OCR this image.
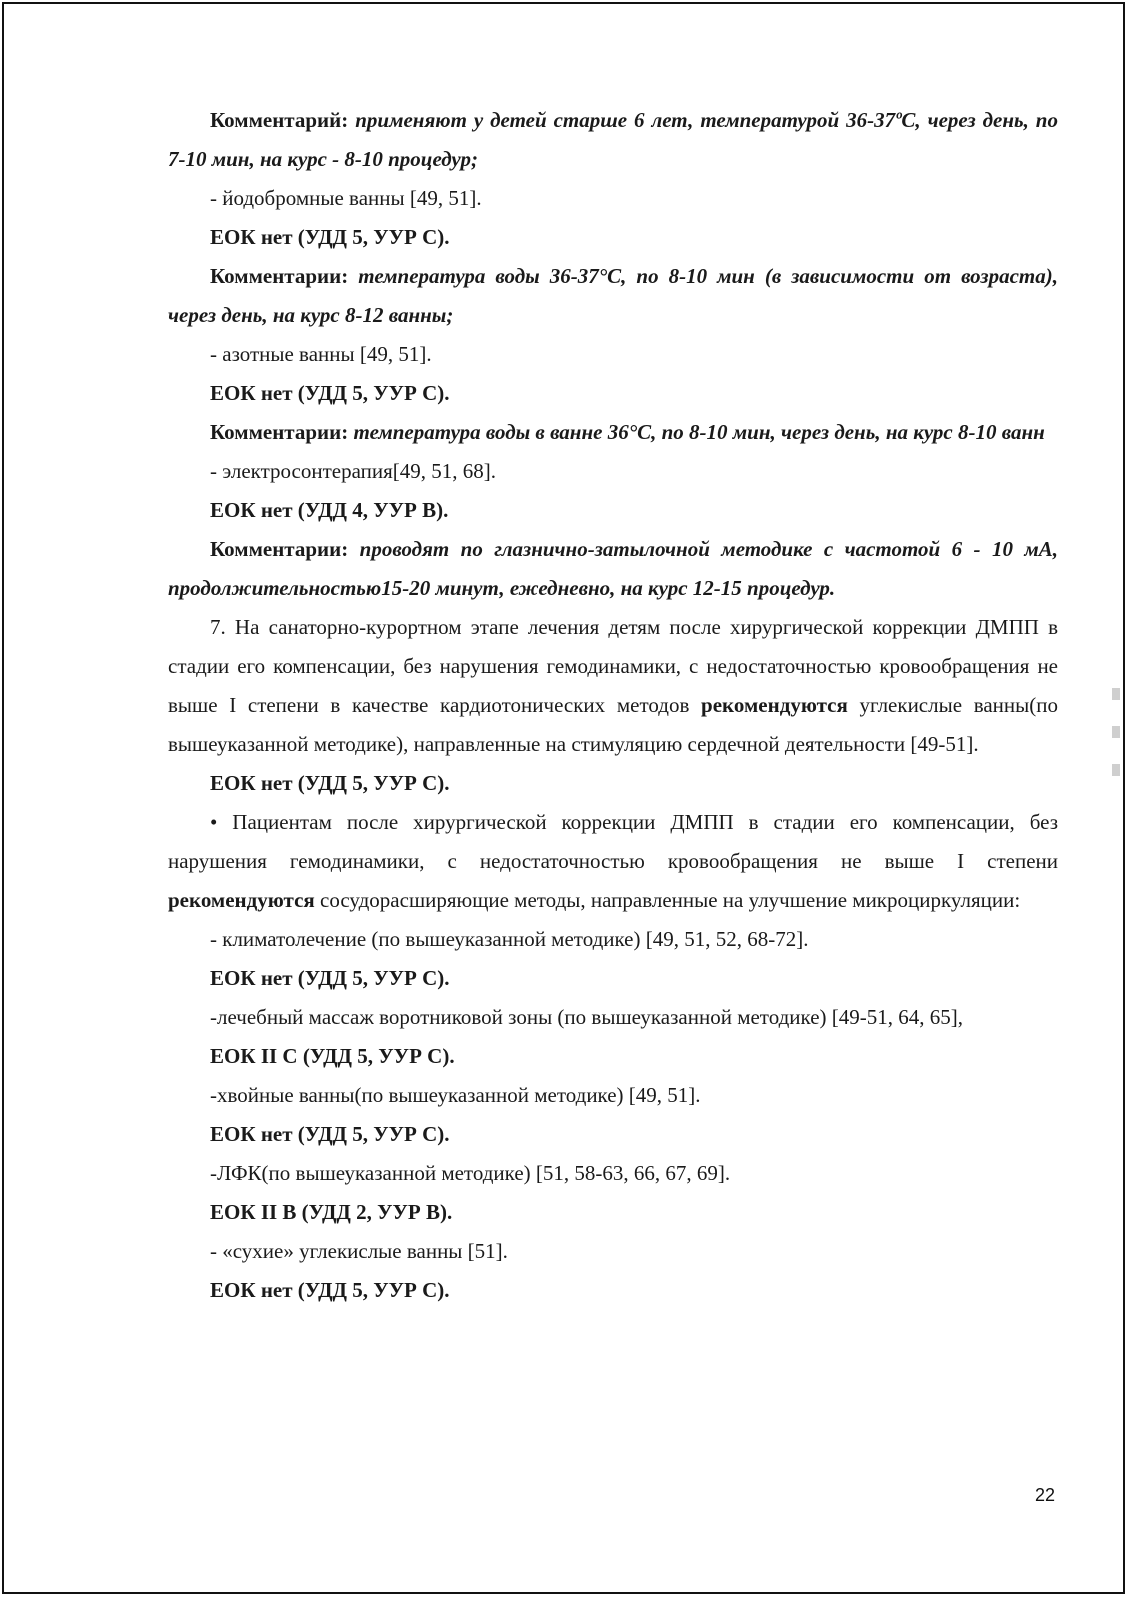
Комментарий: применяют у детей старше 6 лет, температурой 36-37ºС, через день, по 7-10 мин, на курс - 8-10 процедур;

- йодобромные ванны [49, 51].

ЕОК нет (УДД 5, УУР С).

Комментарии: температура воды 36-37°С, по 8-10 мин (в зависимости от возраста), через день, на курс 8-12 ванны;

- азотные ванны [49, 51].

ЕОК нет (УДД 5, УУР С).

Комментарии: температура воды в ванне 36°С, по 8-10 мин, через день, на курс 8-10 ванн

- электросонтерапия[49, 51, 68].

ЕОК нет (УДД 4, УУР В).

Комментарии: проводят по глазнично-затылочной методике с частотой 6 - 10 мА, продолжительностью15-20 минут, ежедневно, на курс 12-15 процедур.

7. На санаторно-курортном этапе лечения детям после хирургической коррекции ДМПП в стадии его компенсации, без нарушения гемодинамики, с недостаточностью кровообращения не выше I степени в качестве кардиотонических методов рекомендуются углекислые ванны(по вышеуказанной методике), направленные на стимуляцию сердечной деятельности [49-51].

ЕОК нет (УДД 5, УУР С).

• Пациентам после хирургической коррекции ДМПП в стадии его компенсации, без нарушения гемодинамики, с недостаточностью кровообращения не выше I степени рекомендуются сосудорасширяющие методы, направленные на улучшение микроциркуляции:

- климатолечение (по вышеуказанной методике) [49, 51, 52, 68-72].

ЕОК нет (УДД 5, УУР С).

-лечебный массаж воротниковой зоны (по вышеуказанной методике) [49-51, 64, 65],

ЕОК II С (УДД 5, УУР С).

-хвойные ванны(по вышеуказанной методике) [49, 51].

ЕОК нет (УДД 5, УУР С).

-ЛФК(по вышеуказанной методике) [51, 58-63, 66, 67, 69].

ЕОК II В (УДД 2, УУР В).

- «сухие» углекислые ванны [51].

ЕОК нет (УДД 5, УУР С).

22
